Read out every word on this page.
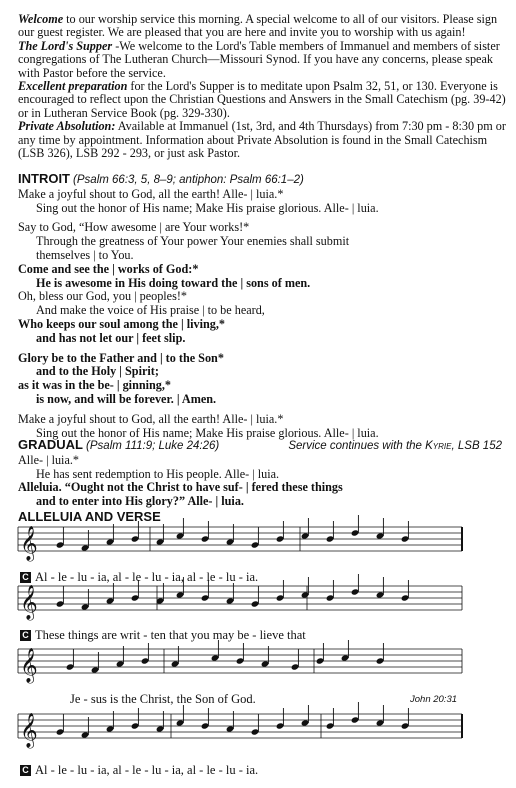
Welcome to our worship service this morning. A special welcome to all of our visitors. Please sign our guest register. We are pleased that you are here and invite you to worship with us again!

The Lord's Supper -We welcome to the Lord's Table members of Immanuel and members of sister congregations of The Lutheran Church—Missouri Synod. If you have any concerns, please speak with Pastor before the service.

Excellent preparation for the Lord's Supper is to meditate upon Psalm 32, 51, or 130. Everyone is encouraged to reflect upon the Christian Questions and Answers in the Small Catechism (pg. 39-42) or in Lutheran Service Book (pg. 329-330).

Private Absolution: Available at Immanuel (1st, 3rd, and 4th Thursdays) from 7:30 pm - 8:30 pm or any time by appointment. Information about Private Absolution is found in the Small Catechism (LSB 326), LSB 292 - 293, or just ask Pastor.

INTROIT (Psalm 66:3, 5, 8–9; antiphon: Psalm 66:1–2)
Make a joyful shout to God, all the earth! Alle- | luia.*
Sing out the honor of His name; Make His praise glorious. Alle- | luia.
Say to God, “How awesome | are Your works!*
Through the greatness of Your power Your enemies shall submit
themselves | to You.
Come and see the | works of God:*
He is awesome in His doing toward the | sons of men.
Oh, bless our God, you | peoples!*
And make the voice of His praise | to be heard,
Who keeps our soul among the | living,*
and has not let our | feet slip.
Glory be to the Father and | to the Son*
and to the Holy | Spirit;
as it was in the be- | ginning,*
is now, and will be forever. | Amen.
Make a joyful shout to God, all the earth! Alle- | luia.*
Sing out the honor of His name; Make His praise glorious. Alle- | luia.
Service continues with the Kyrie, LSB 152
GRADUAL (Psalm 111:9; Luke 24:26)
Alle- | luia.*
He has sent redemption to His people. Alle- | luia.
Alleluia. “Ought not the Christ to have suf- | fered these things
and to enter into His glory?” Alle- | luia.
ALLELUIA AND VERSE
𝄞
𝄞
𝄞
𝄞
C Al - le - lu - ia, al - le - lu - ia, al - le - lu - ia.
C These things are writ - ten that you may be - lieve that
Je - sus is the Christ, the Son of God.	John 20:31
C Al - le - lu - ia, al - le - lu - ia, al - le - lu - ia.
